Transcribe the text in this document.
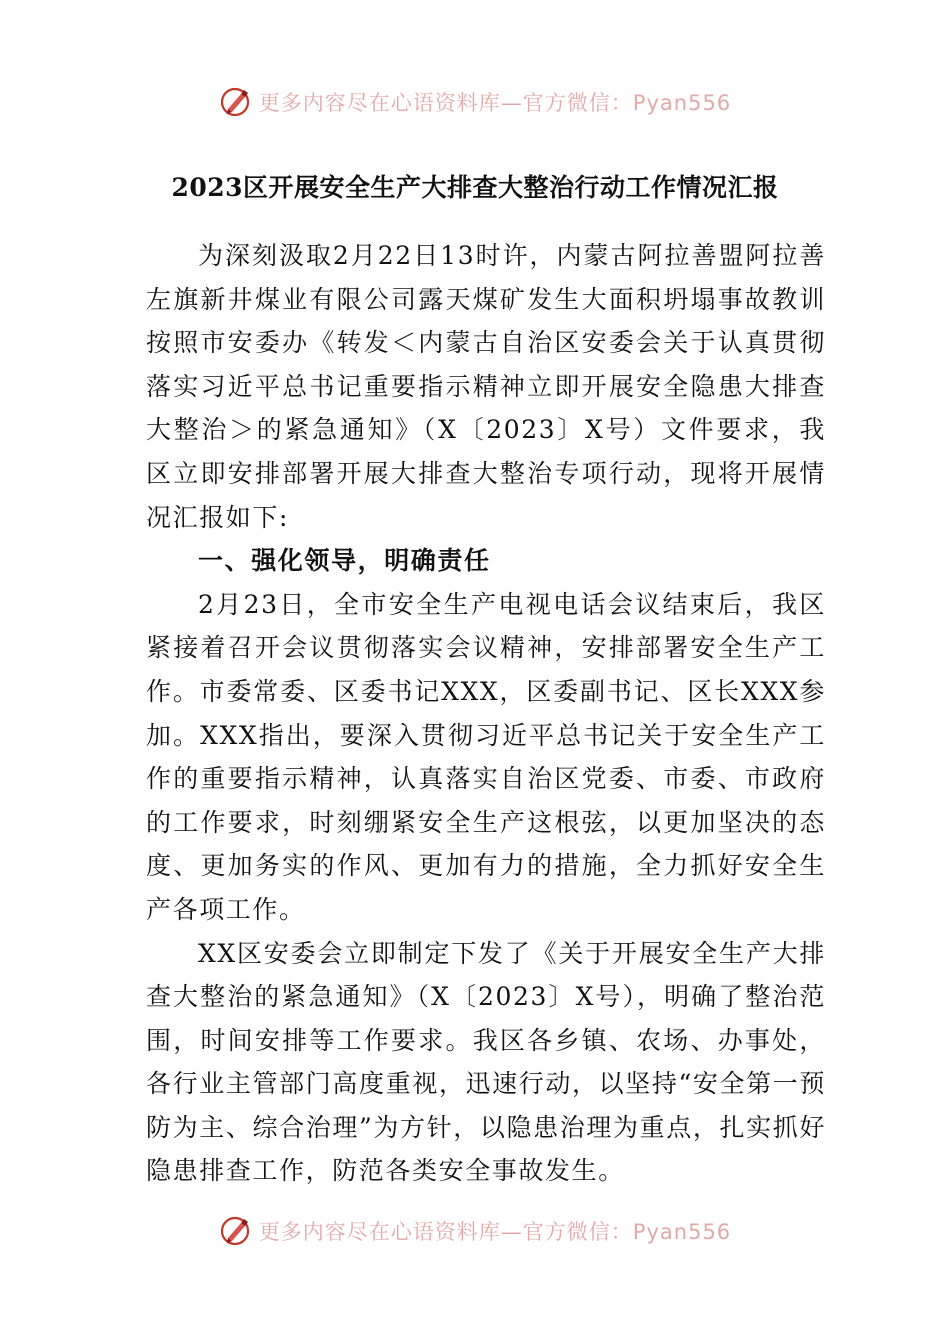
更多内容尽在心语资料库—官方微信：Pyan556
2023区开展安全生产大排查大整治行动工作情况汇报

为深刻汲取2月22日13时许，内蒙古阿拉善盟阿拉善左旗新井煤业有限公司露天煤矿发生大面积坍塌事故教训按照市安委办《转发＜内蒙古自治区安委会关于认真贯彻落实习近平总书记重要指示精神立即开展安全隐患大排查大整治＞的紧急通知》（X〔2023〕X号）文件要求，我区立即安排部署开展大排查大整治专项行动，现将开展情况汇报如下:

一、强化领导，明确责任

2月23日，全市安全生产电视电话会议结束后，我区紧接着召开会议贯彻落实会议精神，安排部署安全生产工作。市委常委、区委书记XXX，区委副书记、区长XXX参加。XXX指出，要深入贯彻习近平总书记关于安全生产工作的重要指示精神，认真落实自治区党委、市委、市政府的工作要求，时刻绷紧安全生产这根弦，以更加坚决的态度、更加务实的作风、更加有力的措施，全力抓好安全生产各项工作。

XX区安委会立即制定下发了《关于开展安全生产大排查大整治的紧急通知》（X〔2023〕X号），明确了整治范围，时间安排等工作要求。我区各乡镇、农场、办事处，各行业主管部门高度重视，迅速行动，以坚持“安全第一预防为主、综合治理”为方针，以隐患治理为重点，扎实抓好隐患排查工作，防范各类安全事故发生。

更多内容尽在心语资料库—官方微信：Pyan556
